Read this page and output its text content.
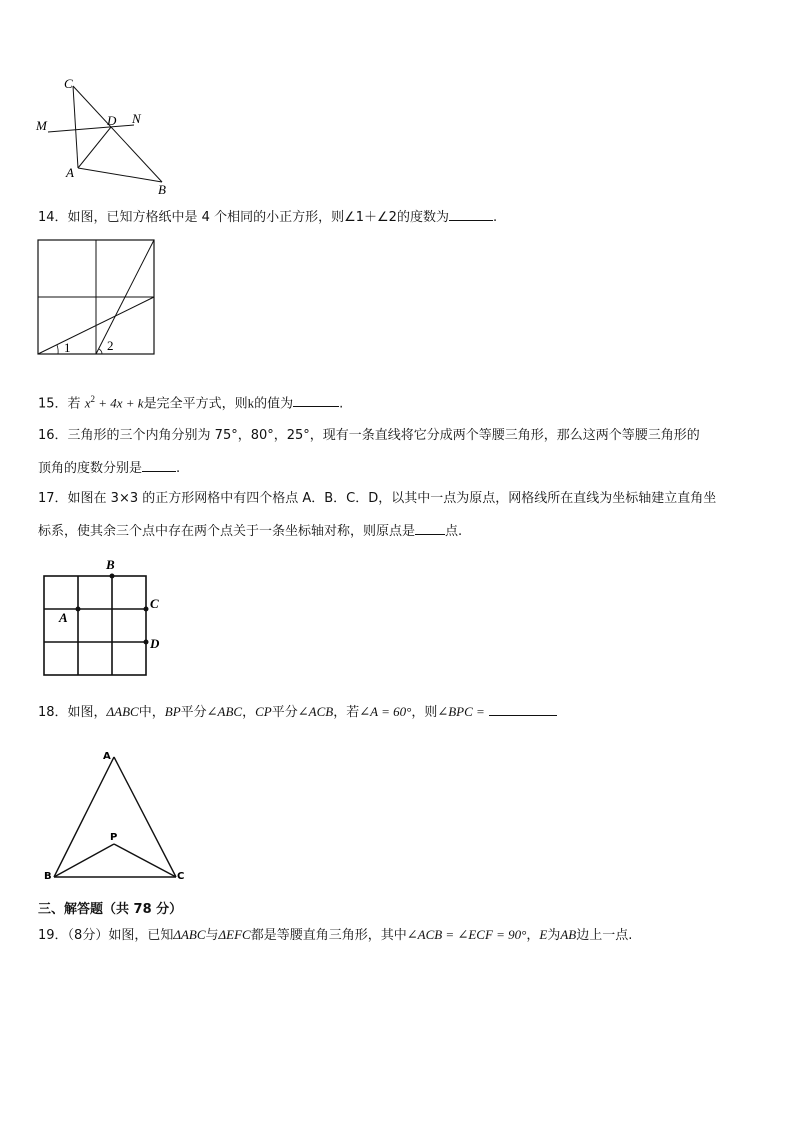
C
M	D N
A
B
14．如图，已知方格纸中是 4 个相同的小正方形，则∠1＋∠2的度数为	.
1	2
15．若 $x^2 + 4x + k$是完全平方式，则k的值为	.
16．三角形的三个内角分别为 75°，80°，25°，现有一条直线将它分成两个等腰三角形，那么这两个等腰三角形的
顶角的度数分别是	.
17．如图在 3×3 的正方形网格中有四个格点 A．B．C．D，以其中一点为原点，网格线所在直线为坐标轴建立直角坐
标系，使其余三个点中存在两个点关于一条坐标轴对称，则原点是 点.
B
A
C
D
18．如图，ΔABC中，BP平分∠ABC，CP平分∠ACB，若∠A = 60°，则∠BPC =
A
P
B	C
三、解答题（共 78 分）
19．（8分）如图，已知ΔABC与ΔEFC都是等腰直角三角形，其中∠ACB = ∠ECF = 90°，E为AB边上一点.
